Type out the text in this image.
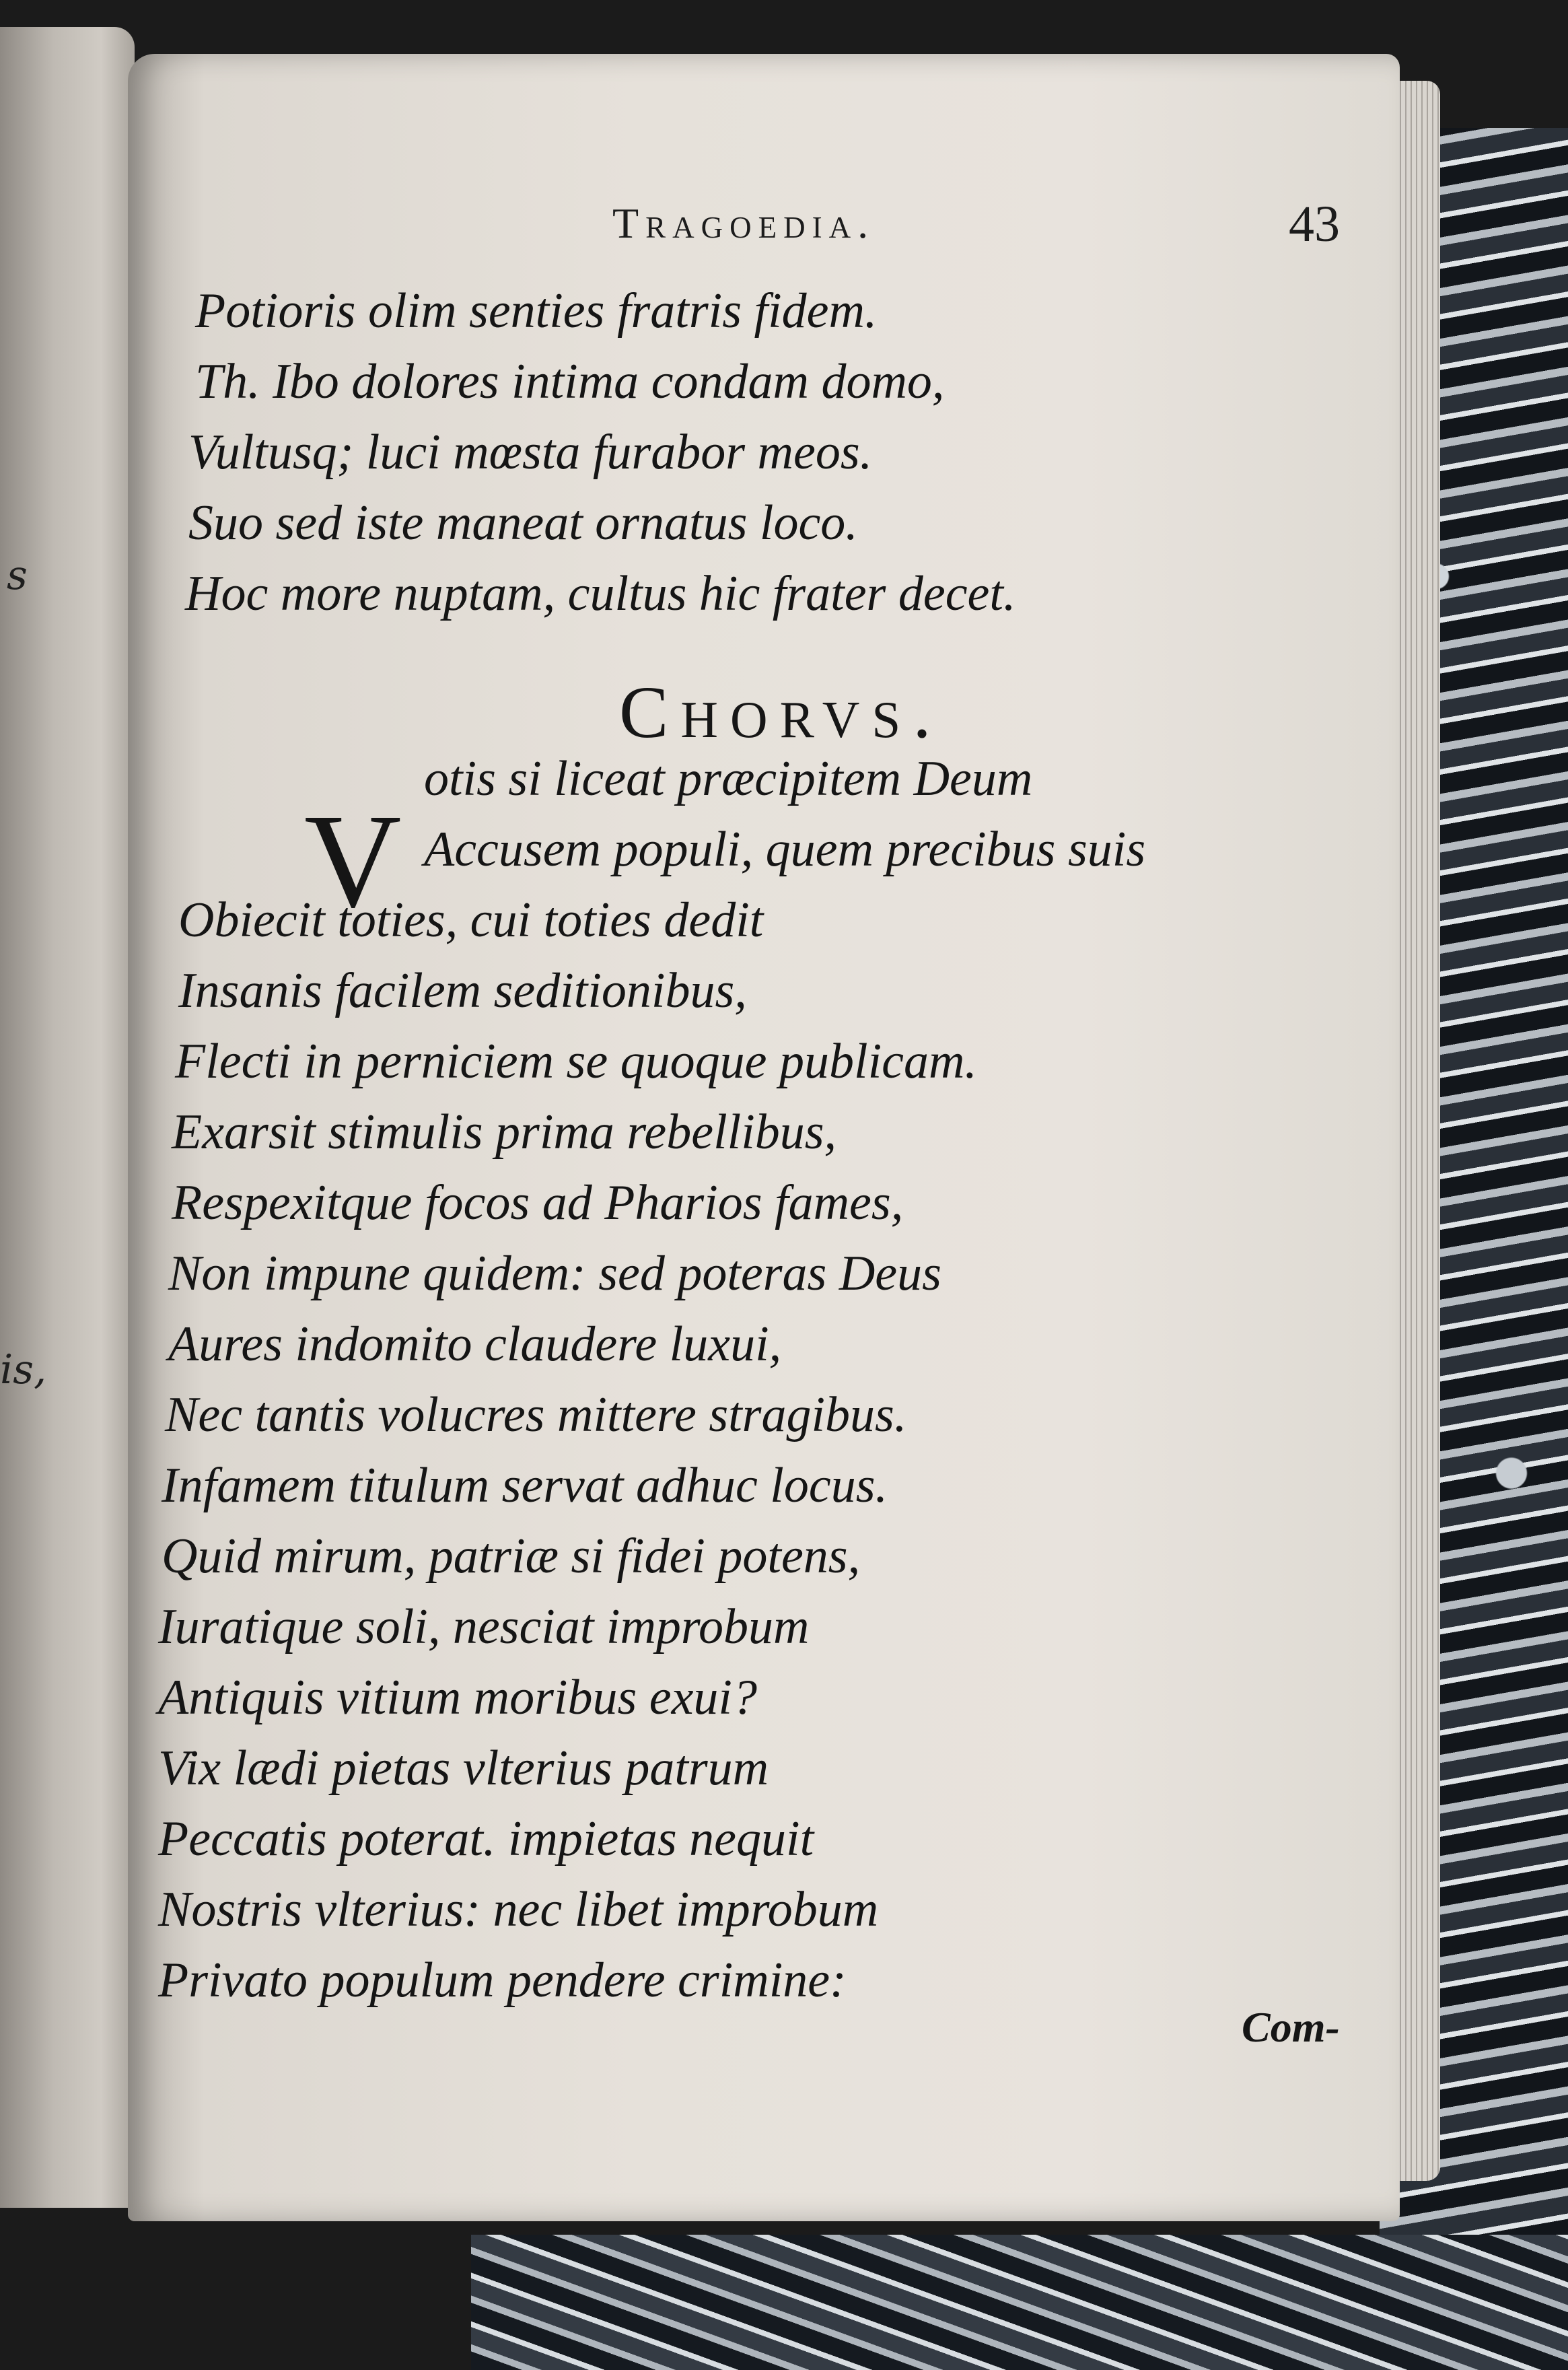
s
is,
Tragoedia.	43
Potioris olim senties fratris fidem.
Th. Ibo dolores intima condam domo,
Vultusq; luci mœsta furabor meos.
Suo sed iste maneat ornatus loco.
Hoc more nuptam, cultus hic frater decet.
Chorvs.
V
otis si liceat præcipitem Deum
Accusem populi, quem precibus suis
Obiecit toties, cui toties dedit
Insanis facilem seditionibus,
Flecti in perniciem se quoque publicam.
Exarsit stimulis prima rebellibus,
Respexitque focos ad Pharios fames,
Non impune quidem: sed poteras Deus
Aures indomito claudere luxui,
Nec tantis volucres mittere stragibus.
Infamem titulum servat adhuc locus.
Quid mirum, patriæ si fidei potens,
Iuratique soli, nesciat improbum
Antiquis vitium moribus exui?
Vix lædi pietas vlterius patrum
Peccatis poterat. impietas nequit
Nostris vlterius: nec libet improbum
Privato populum pendere crimine:
Com-
